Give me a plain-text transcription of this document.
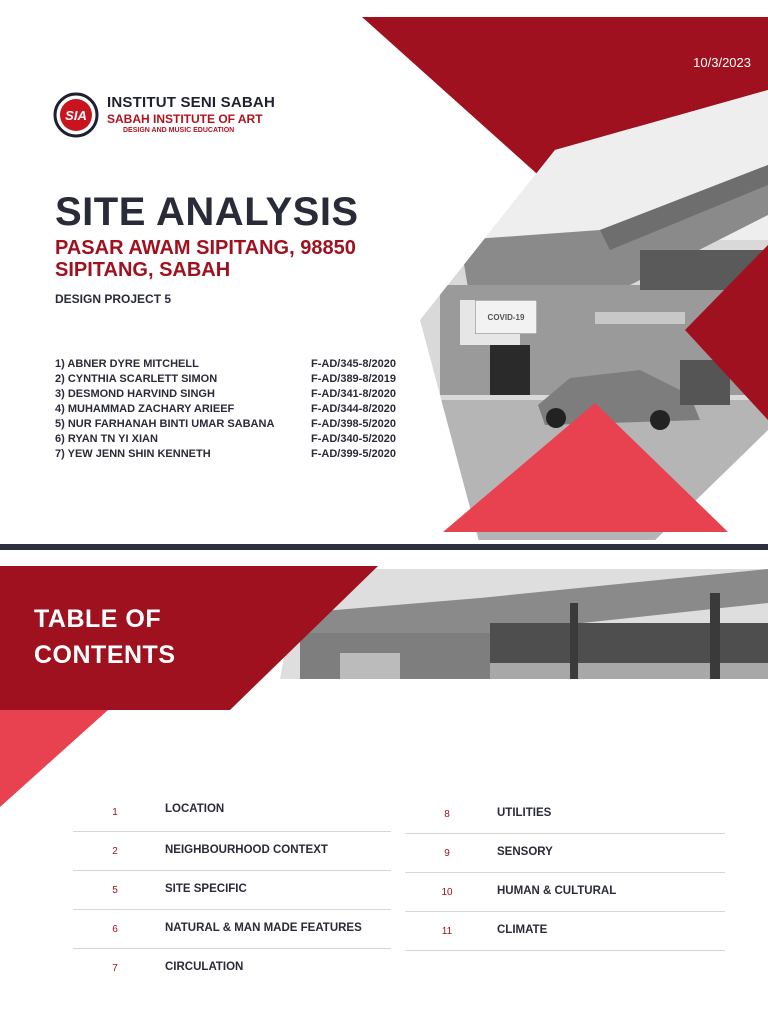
10/3/2023
SIA
INSTITUT SENI SABAH
SABAH INSTITUTE OF ART
DESIGN AND MUSIC EDUCATION
SITE ANALYSIS
PASAR AWAM SIPITANG, 98850
SIPITANG, SABAH
DESIGN PROJECT 5
1) ABNER DYRE MITCHELL	F-AD/345-8/2020
2) CYNTHIA SCARLETT SIMON	F-AD/389-8/2019
3) DESMOND HARVIND SINGH	F-AD/341-8/2020
4) MUHAMMAD ZACHARY ARIEEF	F-AD/344-8/2020
5) NUR FARHANAH BINTI UMAR SABANA	F-AD/398-5/2020
6) RYAN TN YI XIAN	F-AD/340-5/2020
7) YEW JENN SHIN KENNETH	F-AD/399-5/2020
COVID-19
TABLE OF
CONTENTS
1	LOCATION
2	NEIGHBOURHOOD CONTEXT
5	SITE SPECIFIC
6	NATURAL & MAN MADE FEATURES
7	CIRCULATION
8	UTILITIES
9	SENSORY
10	HUMAN & CULTURAL
11	CLIMATE
